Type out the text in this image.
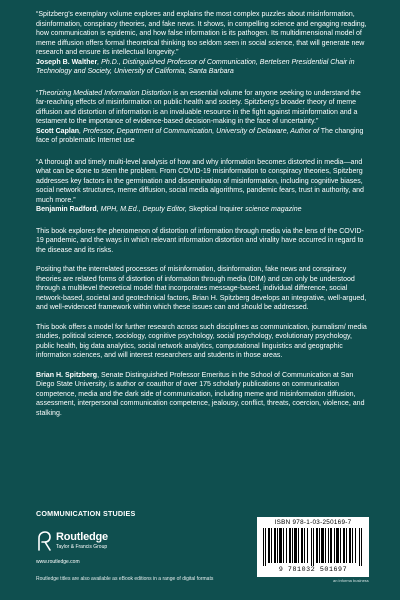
“Spitzberg’s exemplary volume explores and explains the most complex puzzles about misinformation, disinformation, conspiracy theories, and fake news. It shows, in compelling science and engaging reading, how communication is epidemic, and how false information is its pathogen. Its multidimensional model of meme diffusion offers formal theoretical thinking too seldom seen in social science, that will generate new research and ensure its intellectual longevity.”

Joseph B. Walther, Ph.D., Distinguished Professor of Communication, Bertelsen Presidential Chair in Technology and Society, University of California, Santa Barbara

“Theorizing Mediated Information Distortion is an essential volume for anyone seeking to understand the far-reaching effects of misinformation on public health and society. Spitzberg’s broader theory of meme diffusion and distortion of information is an invaluable resource in the fight against misinformation and a testament to the importance of evidence-based decision-making in the face of uncertainty.”

Scott Caplan, Professor, Department of Communication, University of Delaware, Author of The changing face of problematic Internet use

“A thorough and timely multi-level analysis of how and why information becomes distorted in media—and what can be done to stem the problem. From COVID-19 misinformation to conspiracy theories, Spitzberg addresses key factors in the germination and dissemination of misinformation, including cognitive biases, social network structures, meme diffusion, social media algorithms, pandemic fears, trust in authority, and much more.”

Benjamin Radford, MPH, M.Ed., Deputy Editor, Skeptical Inquirer science magazine

This book explores the phenomenon of distortion of information through media via the lens of the COVID-19 pandemic, and the ways in which relevant information distortion and virality have occurred in regard to the disease and its risks.

Positing that the interrelated processes of misinformation, disinformation, fake news and conspiracy theories are related forms of distortion of information through media (DIM) and can only be understood through a multilevel theoretical model that incorporates message-based, individual difference, social network-based, societal and geotechnical factors, Brian H. Spitzberg develops an integrative, well-argued, and well-evidenced framework within which these issues can and should be addressed.

This book offers a model for further research across such disciplines as communication, journalism/ media studies, political science, sociology, cognitive psychology, social psychology, evolutionary psychology, public health, big data analytics, social network analytics, computational linguistics and geographic information sciences, and will interest researchers and students in those areas.

Brian H. Spitzberg, Senate Distinguished Professor Emeritus in the School of Communication at San Diego State University, is author or coauthor of over 175 scholarly publications on communication competence, media and the dark side of communication, including meme and misinformation diffusion, assessment, interpersonal communication competence, jealousy, conflict, threats, coercion, violence, and stalking.

COMMUNICATION STUDIES
Routledge
Taylor & Francis Group
www.routledge.com
Routledge titles are also available as eBook editions in a range of digital formats
ISBN 978-1-03-250169-7
9 781032 501697
an informa business
